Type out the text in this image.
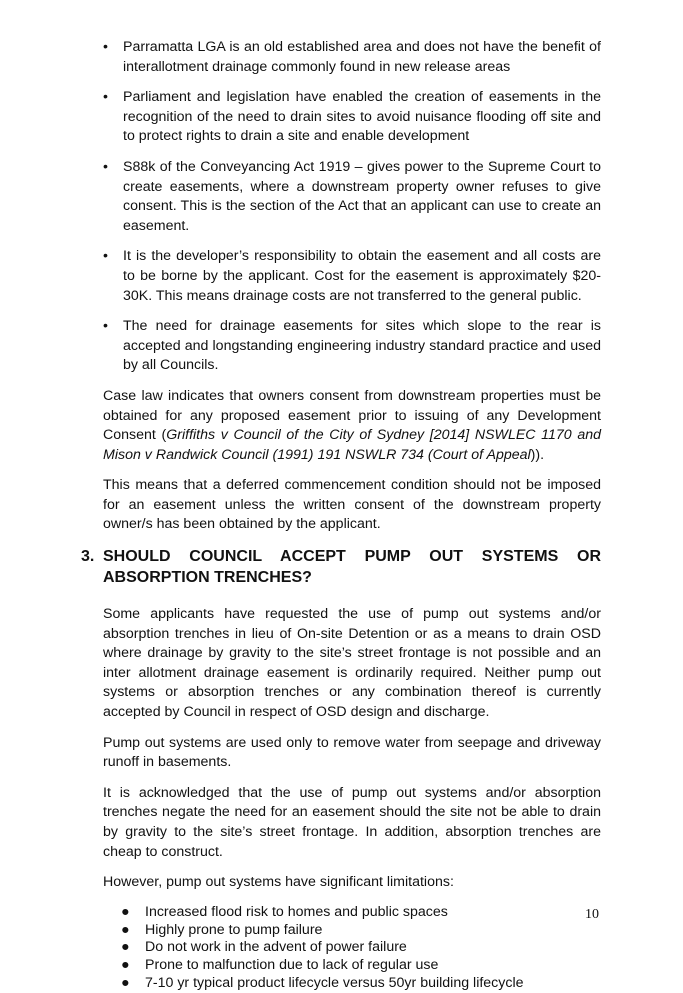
• Parramatta LGA is an old established area and does not have the benefit of interallotment drainage commonly found in new release areas
• Parliament and legislation have enabled the creation of easements in the recognition of the need to drain sites to avoid nuisance flooding off site and to protect rights to drain a site and enable development
• S88k of the Conveyancing Act 1919 – gives power to the Supreme Court to create easements, where a downstream property owner refuses to give consent. This is the section of the Act that an applicant can use to create an easement.
• It is the developer’s responsibility to obtain the easement and all costs are to be borne by the applicant. Cost for the easement is approximately $20-30K. This means drainage costs are not transferred to the general public.
• The need for drainage easements for sites which slope to the rear is accepted and longstanding engineering industry standard practice and used by all Councils.

Case law indicates that owners consent from downstream properties must be obtained for any proposed easement prior to issuing of any Development Consent (Griffiths v Council of the City of Sydney [2014] NSWLEC 1170 and Mison v Randwick Council (1991) 191 NSWLR 734 (Court of Appeal)).

This means that a deferred commencement condition should not be imposed for an easement unless the written consent of the downstream property owner/s has been obtained by the applicant.

3. SHOULD COUNCIL ACCEPT PUMP OUT SYSTEMS OR ABSORPTION TRENCHES?

Some applicants have requested the use of pump out systems and/or absorption trenches in lieu of On-site Detention or as a means to drain OSD where drainage by gravity to the site’s street frontage is not possible and an inter allotment drainage easement is ordinarily required. Neither pump out systems or absorption trenches or any combination thereof is currently accepted by Council in respect of OSD design and discharge.

Pump out systems are used only to remove water from seepage and driveway runoff in basements.

It is acknowledged that the use of pump out systems and/or absorption trenches negate the need for an easement should the site not be able to drain by gravity to the site’s street frontage. In addition, absorption trenches are cheap to construct.

However, pump out systems have significant limitations:

● Increased flood risk to homes and public spaces
● Highly prone to pump failure
● Do not work in the advent of power failure
● Prone to malfunction due to lack of regular use
● 7-10 yr typical product lifecycle versus 50yr building lifecycle
10
